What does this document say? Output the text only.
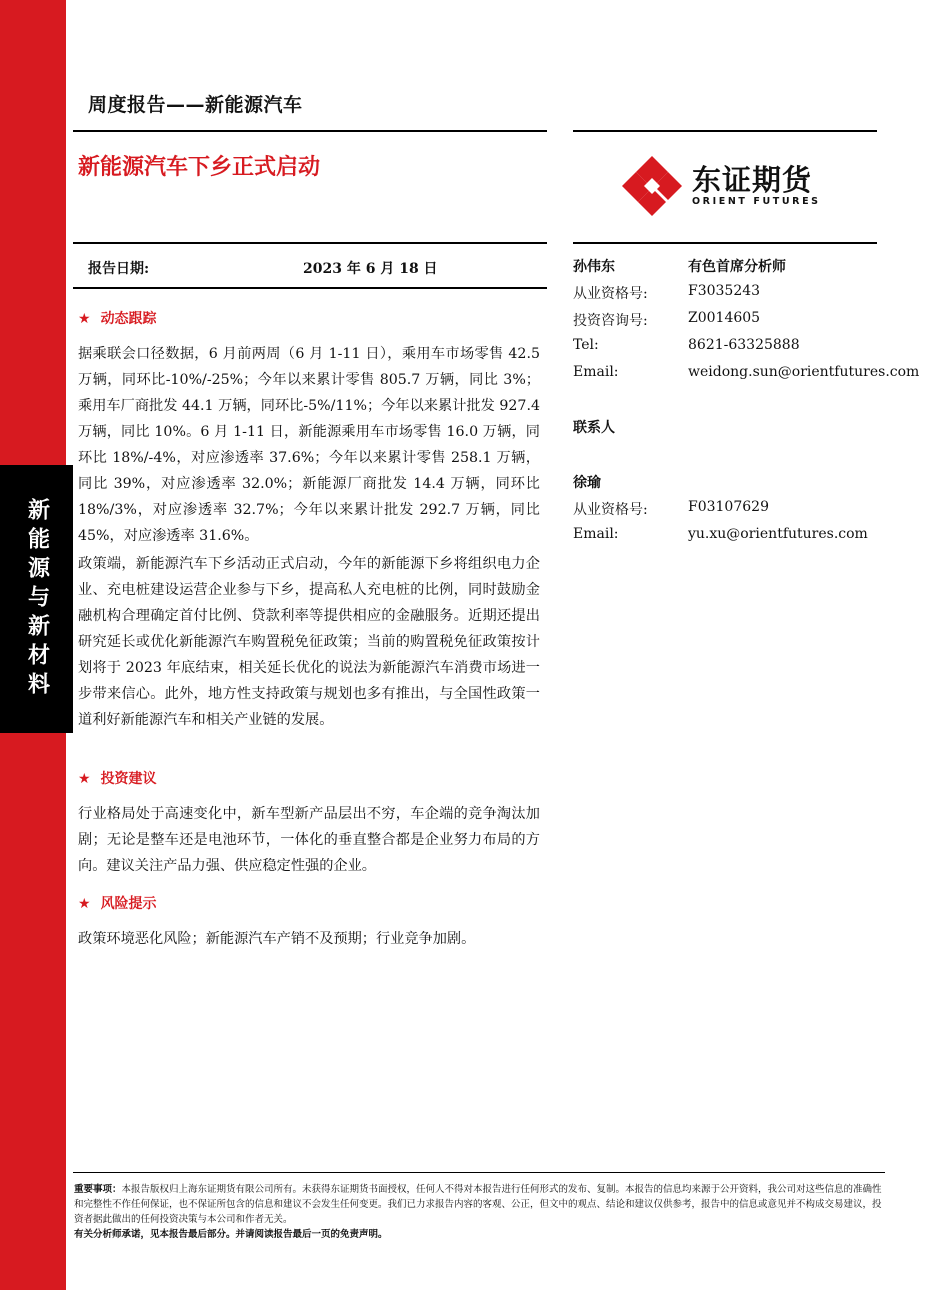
新能源与新材料
周度报告——新能源汽车
新能源汽车下乡正式启动	东证期货
ORIENT FUTURES
报告日期:	2023 年 6 月 18 日
★ 动态跟踪
据乘联会口径数据，6 月前两周（6 月 1-11 日），乘用车市场零售 42.5 万辆，同环比-10%/-25%；今年以来累计零售 805.7 万辆，同比 3%；乘用车厂商批发 44.1 万辆，同环比-5%/11%；今年以来累计批发 927.4 万辆，同比 10%。6 月 1-11 日，新能源乘用车市场零售 16.0 万辆，同环比 18%/-4%，对应渗透率 37.6%；今年以来累计零售 258.1 万辆，同比 39%，对应渗透率 32.0%；新能源厂商批发 14.4 万辆，同环比 18%/3%，对应渗透率 32.7%；今年以来累计批发 292.7 万辆，同比 45%，对应渗透率 31.6%。
政策端，新能源汽车下乡活动正式启动，今年的新能源下乡将组织电力企业、充电桩建设运营企业参与下乡，提高私人充电桩的比例，同时鼓励金融机构合理确定首付比例、贷款利率等提供相应的金融服务。近期还提出研究延长或优化新能源汽车购置税免征政策；当前的购置税免征政策按计划将于 2023 年底结束，相关延长优化的说法为新能源汽车消费市场进一步带来信心。此外，地方性支持政策与规划也多有推出，与全国性政策一道利好新能源汽车和相关产业链的发展。
★ 投资建议
行业格局处于高速变化中，新车型新产品层出不穷，车企端的竞争淘汰加剧；无论是整车还是电池环节，一体化的垂直整合都是企业努力布局的方向。建议关注产品力强、供应稳定性强的企业。
★ 风险提示
政策环境恶化风险；新能源汽车产销不及预期；行业竞争加剧。
孙伟东	有色首席分析师
从业资格号:	F3035243
投资咨询号:	Z0014605
Tel:	8621-63325888
Email:	weidong.sun@orientfutures.com
联系人
徐瑜
从业资格号:	F03107629
Email:	yu.xu@orientfutures.com
重要事项：本报告版权归上海东证期货有限公司所有。未获得东证期货书面授权，任何人不得对本报告进行任何形式的发布、复制。本报告的信息均来源于公开资料，我公司对这些信息的准确性和完整性不作任何保证，也不保证所包含的信息和建议不会发生任何变更。我们已力求报告内容的客观、公正，但文中的观点、结论和建议仅供参考，报告中的信息或意见并不构成交易建议，投资者据此做出的任何投资决策与本公司和作者无关。
有关分析师承诺，见本报告最后部分。并请阅读报告最后一页的免责声明。
